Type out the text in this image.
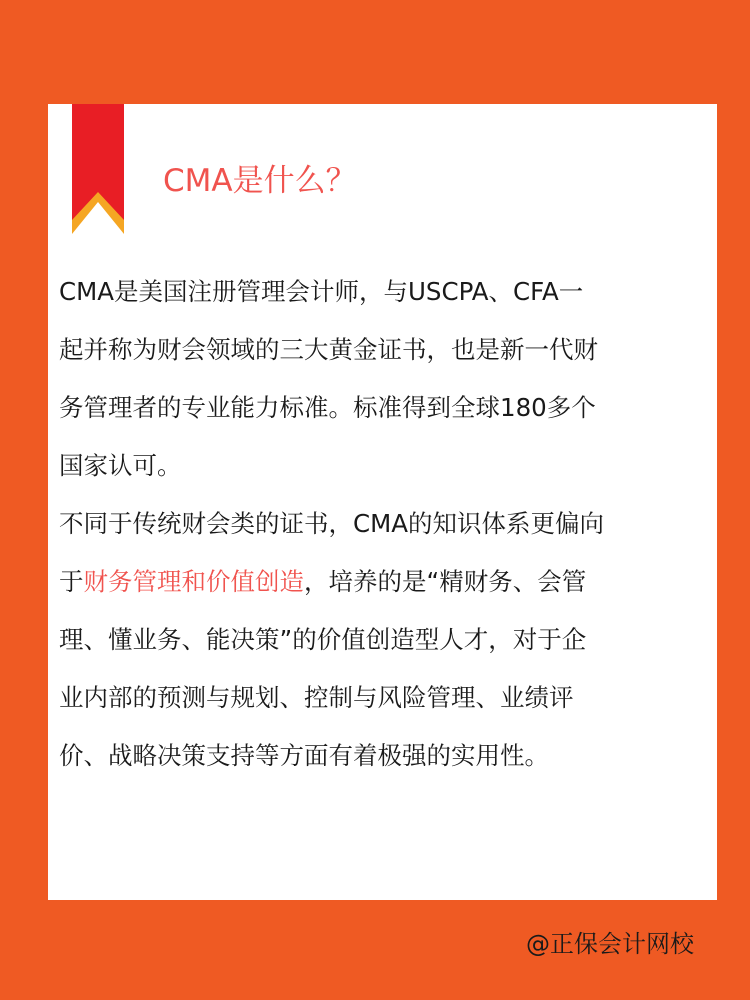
CMA是什么？
CMA是美国注册管理会计师，与USCPA、CFA一
起并称为财会领域的三大黄金证书，也是新一代财
务管理者的专业能力标准。标准得到全球180多个
国家认可。
不同于传统财会类的证书，CMA的知识体系更偏向
于财务管理和价值创造，培养的是“精财务、会管
理、懂业务、能决策”的价值创造型人才，对于企
业内部的预测与规划、控制与风险管理、业绩评
价、战略决策支持等方面有着极强的实用性。
@正保会计网校
